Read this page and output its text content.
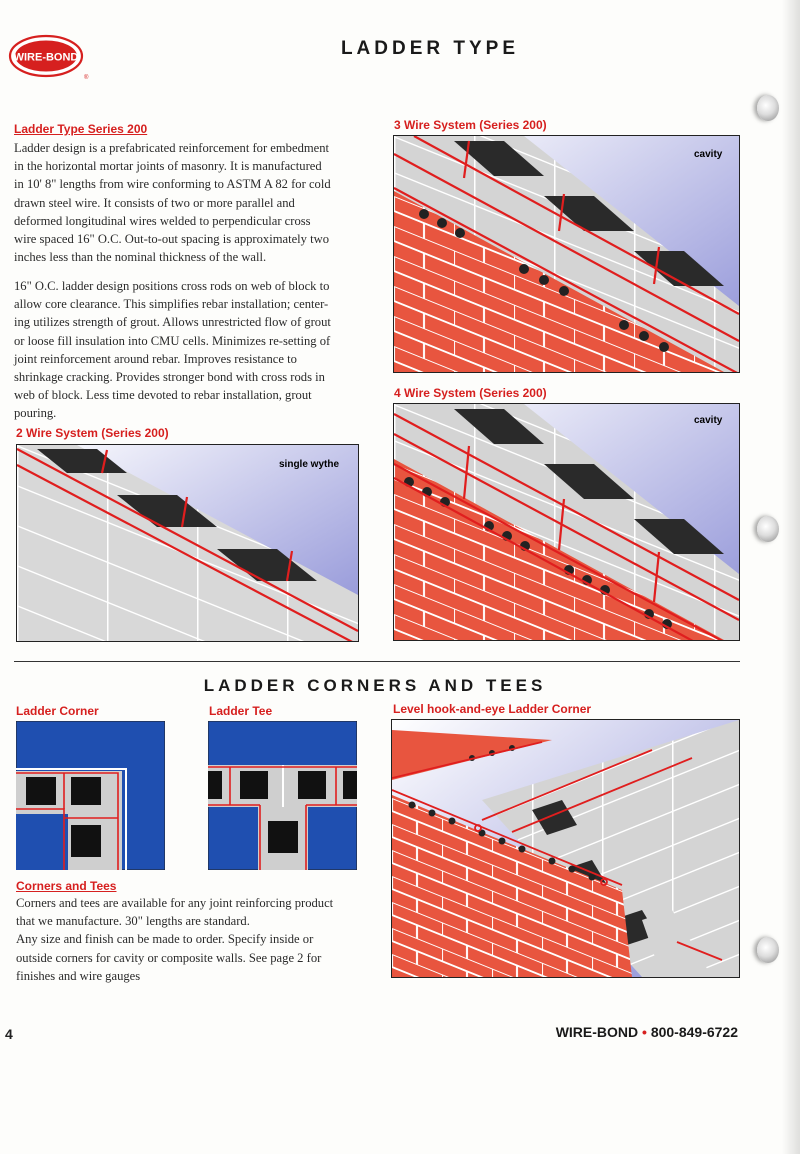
WIRE-BOND
®
LADDER TYPE
Ladder Type Series 200
Ladder design is a prefabricated reinforcement for embedment
in the horizontal mortar joints of masonry. It is manufactured
in 10' 8" lengths from wire conforming to ASTM A 82 for cold
drawn steel wire. It consists of two or more parallel and
deformed longitudinal wires welded to perpendicular cross
wire spaced 16" O.C. Out-to-out spacing is approximately two
inches less than the nominal thickness of the wall.
16" O.C. ladder design positions cross rods on web of block to
allow core clearance. This simplifies rebar installation; center-
ing utilizes strength of grout. Allows unrestricted flow of grout
or loose fill insulation into CMU cells. Minimizes re-setting of
joint reinforcement around rebar. Improves resistance to
shrinkage cracking. Provides stronger bond with cross rods in
web of block. Less time devoted to rebar installation, grout
pouring.
3 Wire System (Series 200)
cavity
4 Wire System (Series 200)
cavity
2 Wire System (Series 200)
single wythe
LADDER CORNERS AND TEES
Ladder Corner	Ladder Tee	Level hook-and-eye Ladder Corner
Corners and Tees
Corners and tees are available for any joint reinforcing product
that we manufacture. 30" lengths are standard.
Any size and finish can be made to order. Specify inside or
outside corners for cavity or composite walls. See page 2 for
finishes and wire gauges
4	WIRE-BOND • 800-849-6722
